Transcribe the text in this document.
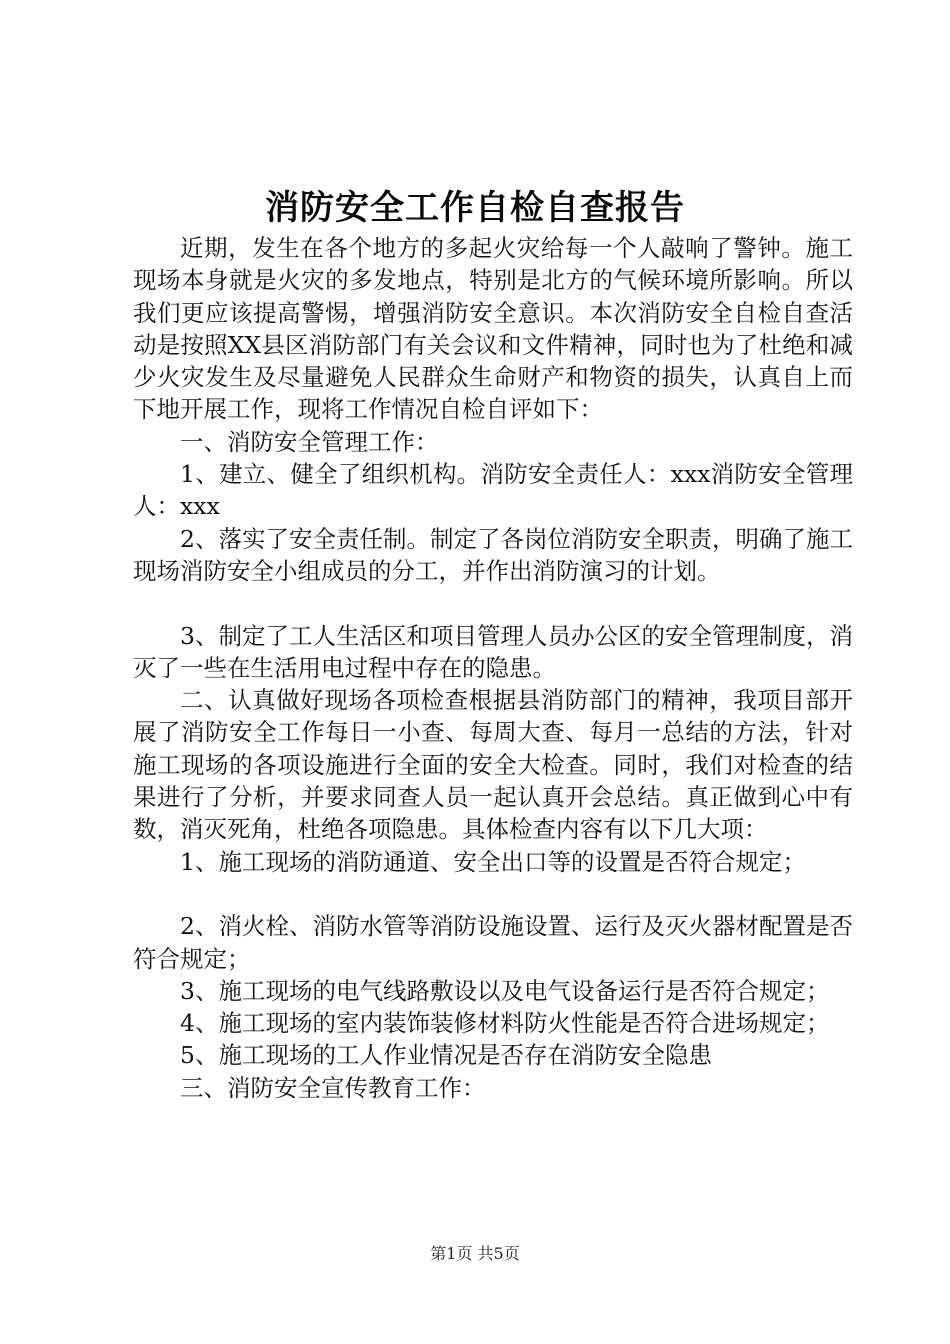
消防安全工作自检自查报告

近期，发生在各个地方的多起火灾给每一个人敲响了警钟。施工现场本身就是火灾的多发地点，特别是北方的气候环境所影响。所以我们更应该提高警惕，增强消防安全意识。本次消防安全自检自查活动是按照XX县区消防部门有关会议和文件精神，同时也为了杜绝和减少火灾发生及尽量避免人民群众生命财产和物资的损失，认真自上而下地开展工作，现将工作情况自检自评如下：

一、消防安全管理工作：

1、建立、健全了组织机构。消防安全责任人：xxx消防安全管理人：xxx

2、落实了安全责任制。制定了各岗位消防安全职责，明确了施工现场消防安全小组成员的分工，并作出消防演习的计划。

3、制定了工人生活区和项目管理人员办公区的安全管理制度，消灭了一些在生活用电过程中存在的隐患。

二、认真做好现场各项检查根据县消防部门的精神，我项目部开展了消防安全工作每日一小查、每周大查、每月一总结的方法，针对施工现场的各项设施进行全面的安全大检查。同时，我们对检查的结果进行了分析，并要求同查人员一起认真开会总结。真正做到心中有数，消灭死角，杜绝各项隐患。具体检查内容有以下几大项：

1、施工现场的消防通道、安全出口等的设置是否符合规定；

2、消火栓、消防水管等消防设施设置、运行及灭火器材配置是否符合规定；

3、施工现场的电气线路敷设以及电气设备运行是否符合规定；

4、施工现场的室内装饰装修材料防火性能是否符合进场规定；

5、施工现场的工人作业情况是否存在消防安全隐患

三、消防安全宣传教育工作：

第1页 共5页
